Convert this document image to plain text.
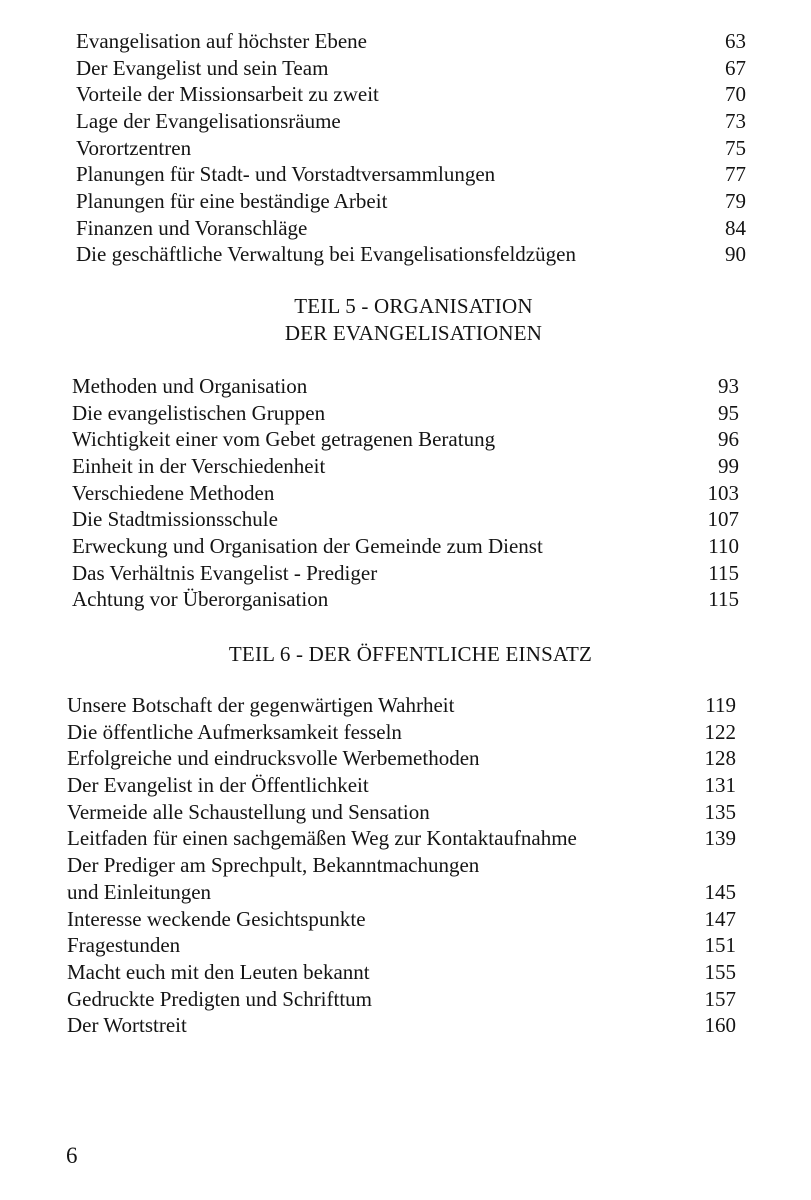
Evangelisation auf höchster Ebene	63
Der Evangelist und sein Team	67
Vorteile der Missionsarbeit zu zweit	70
Lage der Evangelisationsräume	73
Vorortzentren	75
Planungen für Stadt- und Vorstadtversammlungen	77
Planungen für eine beständige Arbeit	79
Finanzen und Voranschläge	84
Die geschäftliche Verwaltung bei Evangelisationsfeldzügen	90
TEIL 5 - ORGANISATION
DER EVANGELISATIONEN
Methoden und Organisation	93
Die evangelistischen Gruppen	95
Wichtigkeit einer vom Gebet getragenen Beratung	96
Einheit in der Verschiedenheit	99
Verschiedene Methoden	103
Die Stadtmissionsschule	107
Erweckung und Organisation der Gemeinde zum Dienst	110
Das Verhältnis Evangelist - Prediger	115
Achtung vor Überorganisation	115
TEIL 6 - DER ÖFFENTLICHE EINSATZ
Unsere Botschaft der gegenwärtigen Wahrheit	119
Die öffentliche Aufmerksamkeit fesseln	122
Erfolgreiche und eindrucksvolle Werbemethoden	128
Der Evangelist in der Öffentlichkeit	131
Vermeide alle Schaustellung und Sensation	135
Leitfaden für einen sachgemäßen Weg zur Kontaktaufnahme	139
Der Prediger am Sprechpult, Bekanntmachungen
und Einleitungen	145
Interesse weckende Gesichtspunkte	147
Fragestunden	151
Macht euch mit den Leuten bekannt	155
Gedruckte Predigten und Schrifttum	157
Der Wortstreit	160
6
